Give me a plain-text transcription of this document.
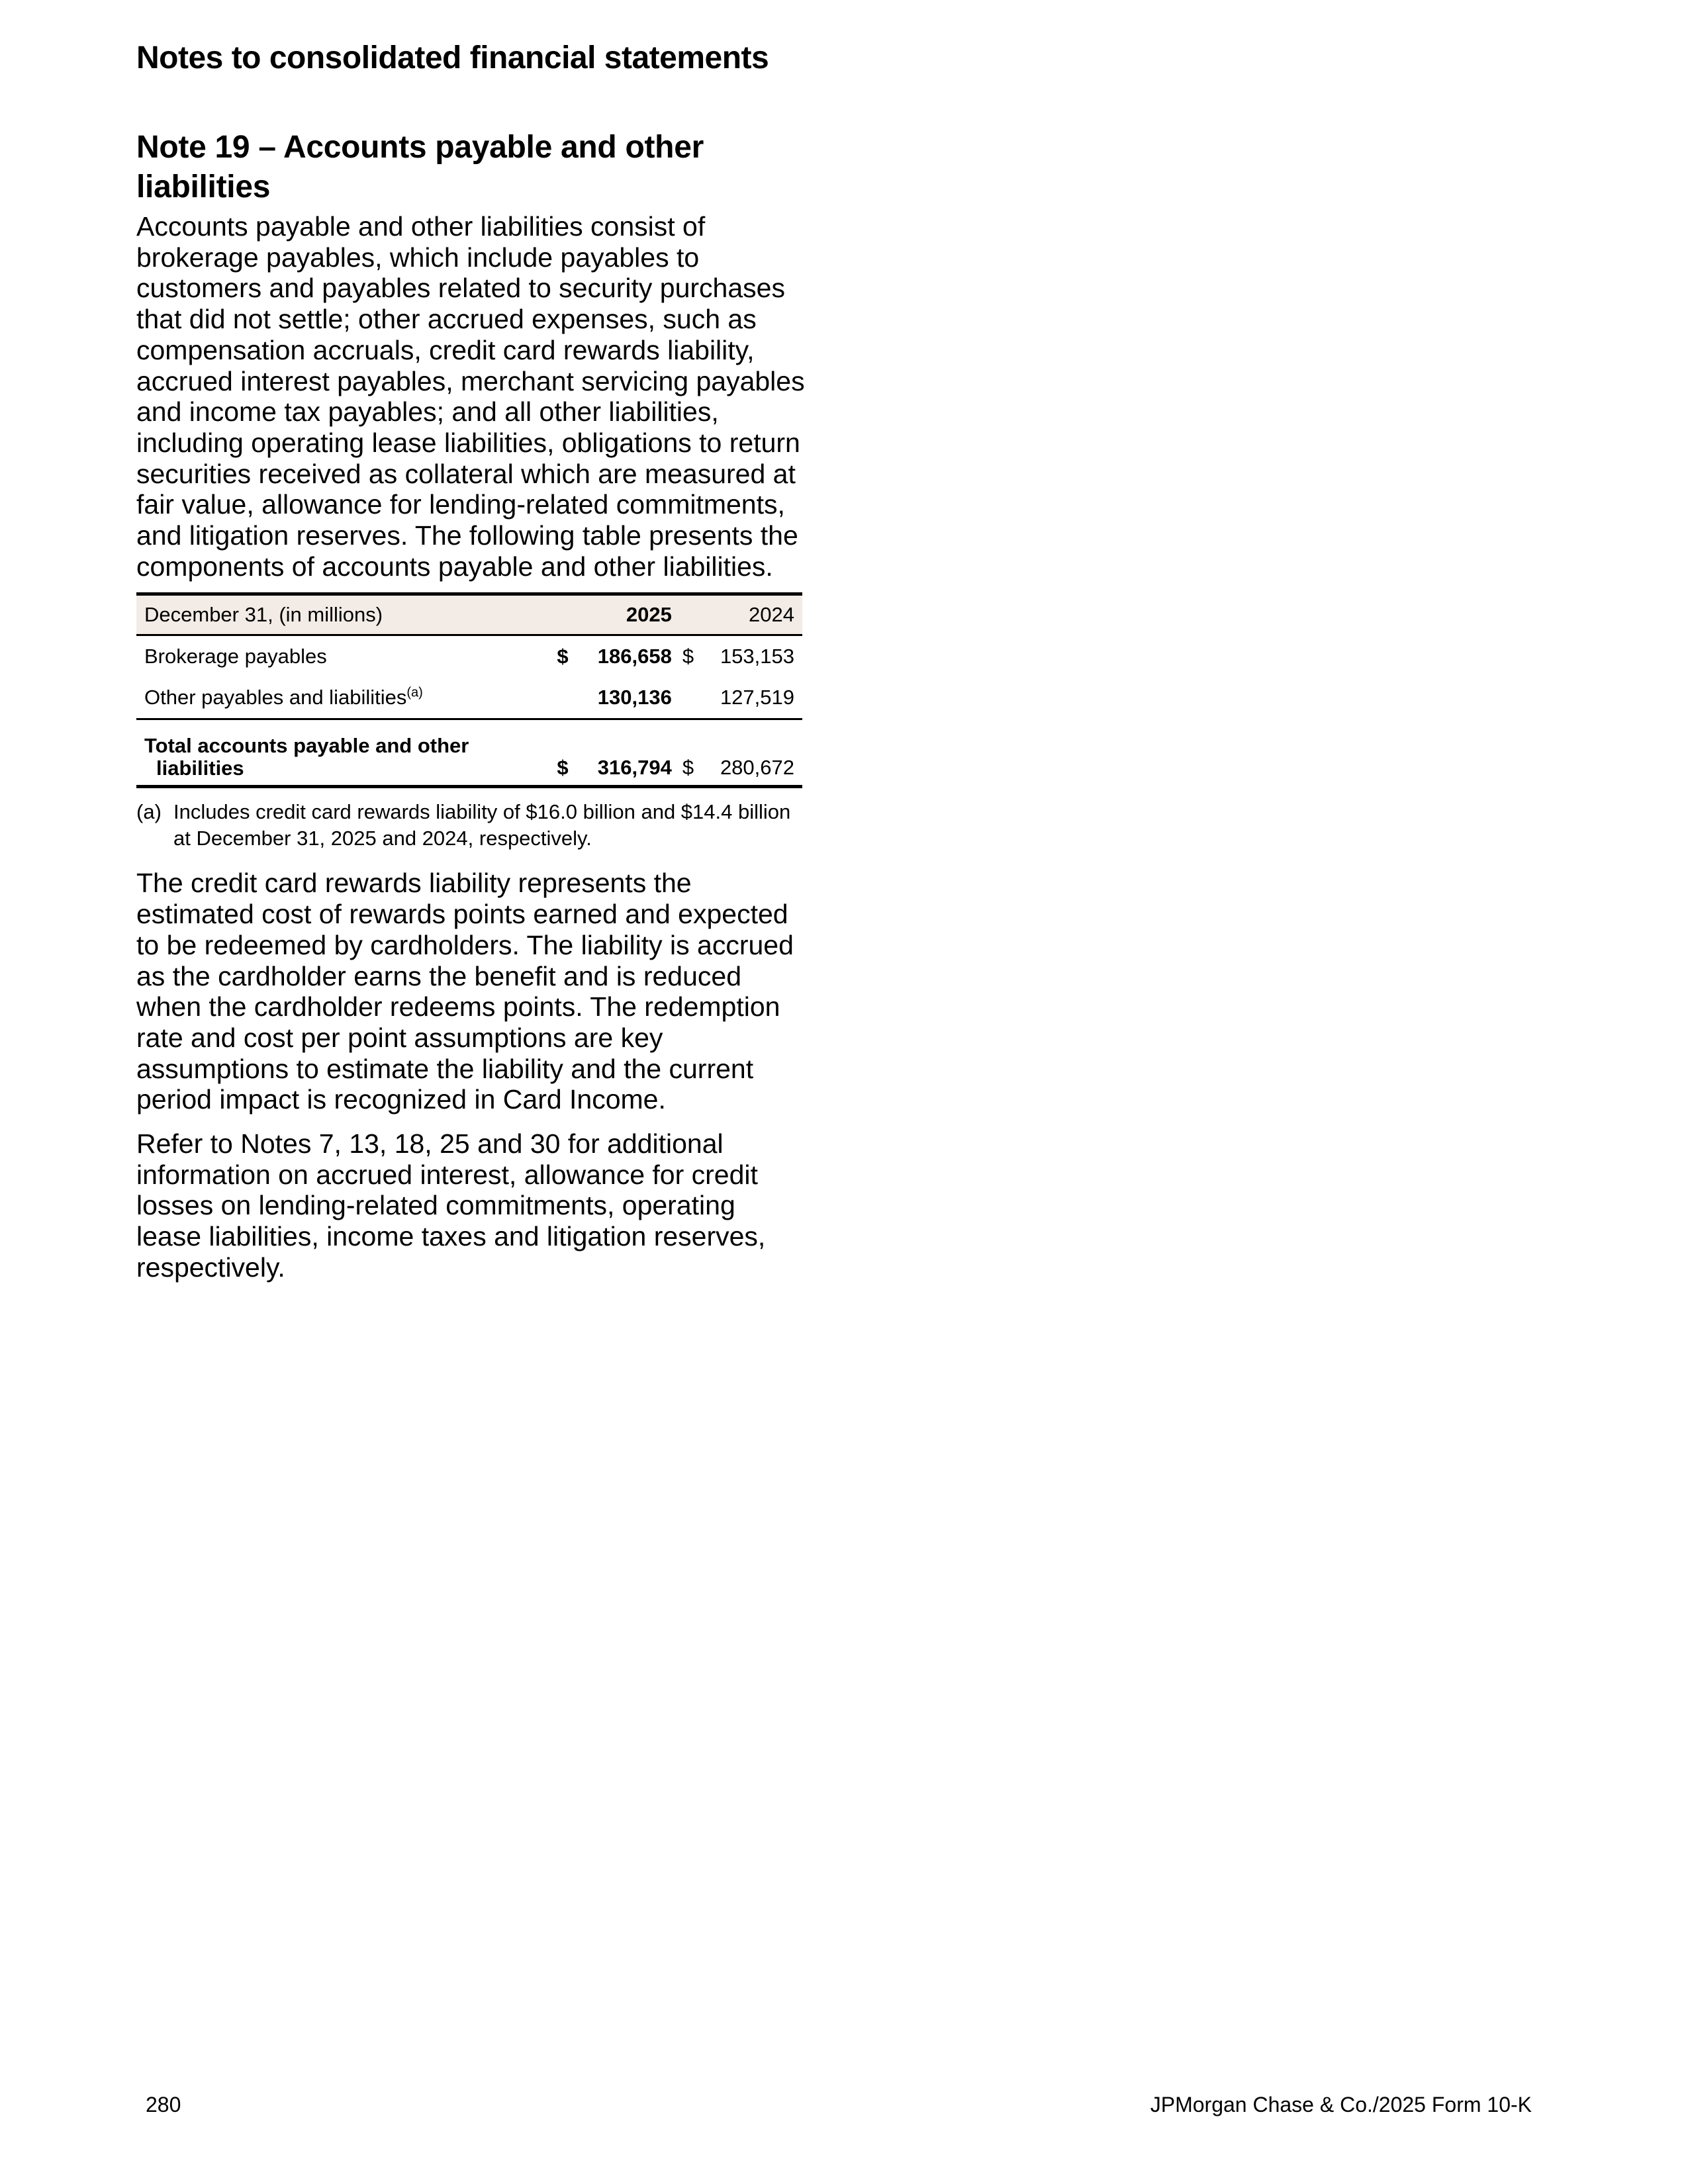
Notes to consolidated financial statements
Note 19 – Accounts payable and other
liabilities

Accounts payable and other liabilities consist of brokerage payables, which include payables to customers and payables related to security purchases that did not settle; other accrued expenses, such as compensation accruals, credit card rewards liability, accrued interest payables, merchant servicing payables and income tax payables; and all other liabilities, including operating lease liabilities, obligations to return securities received as collateral which are measured at fair value, allowance for lending-related commitments, and litigation reserves. The following table presents the components of accounts payable and other liabilities.

December 31, (in millions)		2025		2024
Brokerage payables	$	186,658	$	153,153
Other payables and liabilities$^{(a)}$		130,136		127,519

Total accounts payable and other
liabilities	$	316,794	$	280,672
(a) Includes credit card rewards liability of $16.0 billion and $14.4 billion at December 31, 2025 and 2024, respectively.

The credit card rewards liability represents the estimated cost of rewards points earned and expected to be redeemed by cardholders. The liability is accrued as the cardholder earns the benefit and is reduced when the cardholder redeems points. The redemption rate and cost per point assumptions are key assumptions to estimate the liability and the current period impact is recognized in Card Income.

Refer to Notes 7, 13, 18, 25 and 30 for additional information on accrued interest, allowance for credit losses on lending-related commitments, operating lease liabilities, income taxes and litigation reserves, respectively.

280	JPMorgan Chase & Co./2025 Form 10-K
